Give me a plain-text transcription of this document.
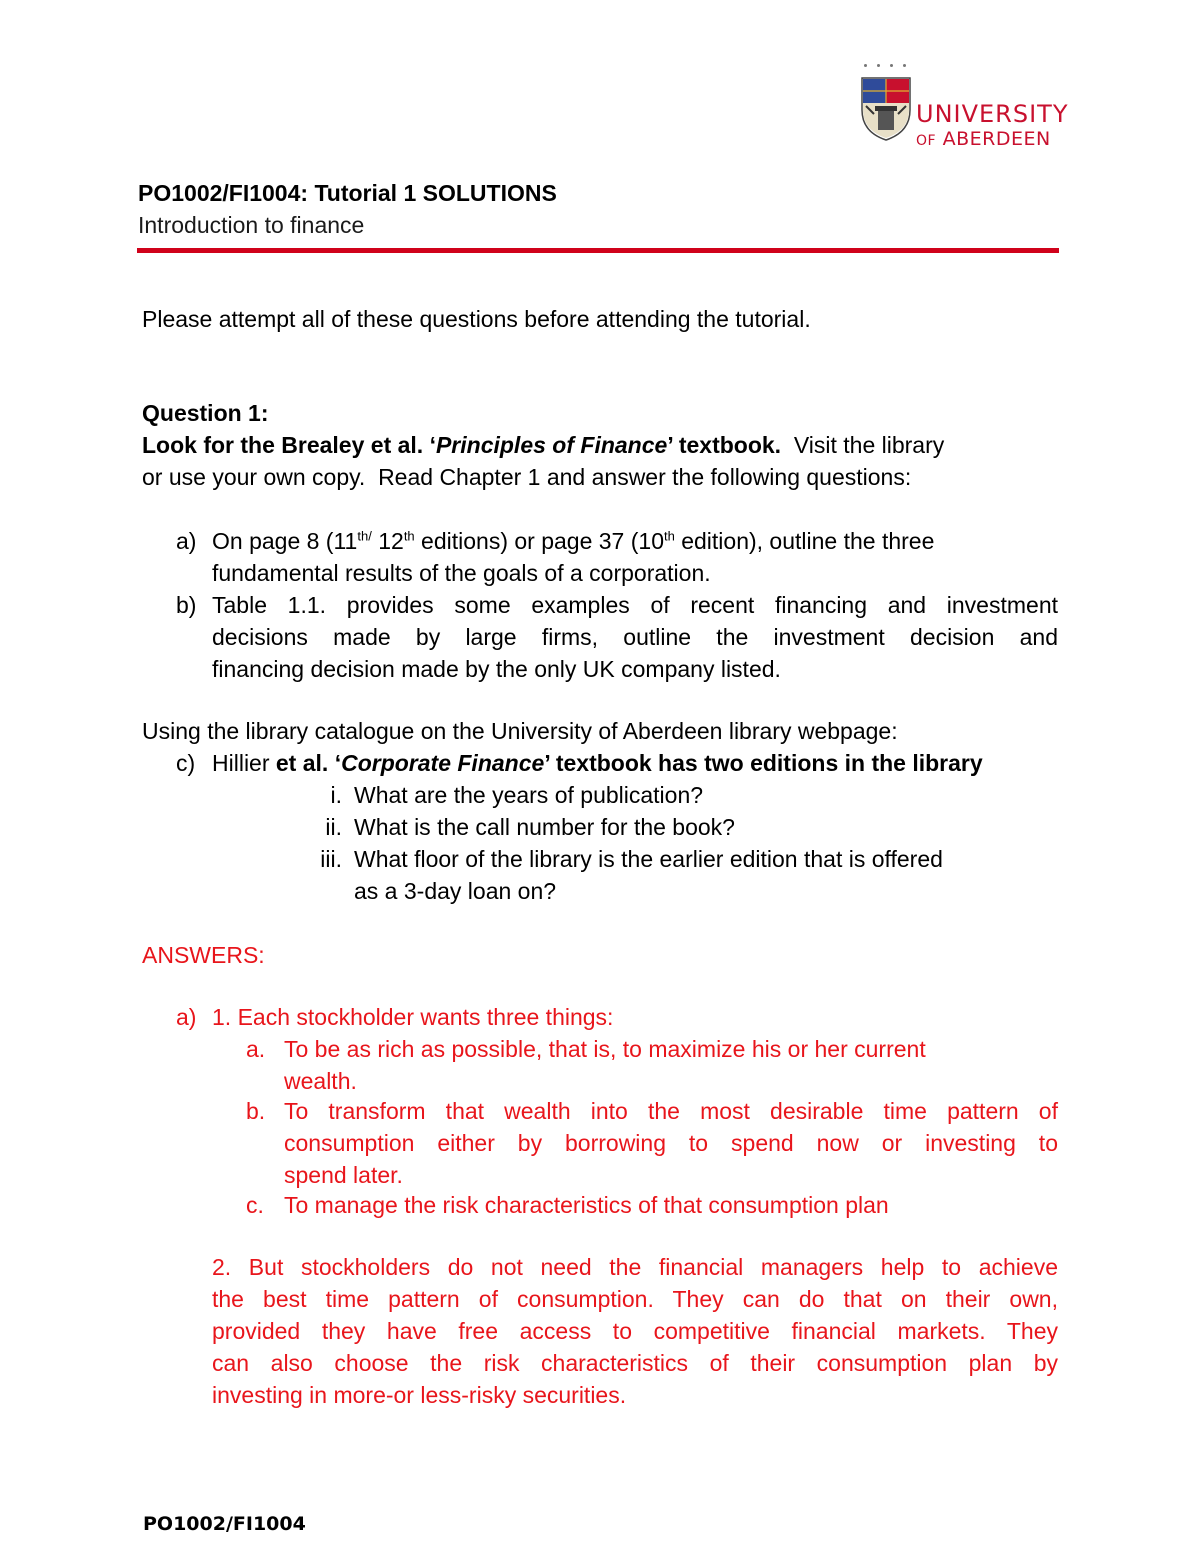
UNIVERSITY
OF ABERDEEN
PO1002/FI1004: Tutorial 1 SOLUTIONS
Introduction to finance
Please attempt all of these questions before attending the tutorial.
Question 1:
Look for the Brealey et al. ‘Principles of Finance’ textbook.  Visit the library
or use your own copy.  Read Chapter 1 and answer the following questions:
a) On page 8 ($11^{th/}$ 12th editions) or page 37 (10th edition), outline the three
fundamental results of the goals of a corporation.
b) Table 1.1. provides some examples of recent financing and investment
decisions made by large firms, outline the investment decision and
financing decision made by the only UK company listed.
Using the library catalogue on the University of Aberdeen library webpage:
c) Hillier et al. ‘Corporate Finance’ textbook has two editions in the library
i. What are the years of publication?
ii. What is the call number for the book?
iii. What floor of the library is the earlier edition that is offered
as a 3-day loan on?
ANSWERS:
a) 1. Each stockholder wants three things:
a. To be as rich as possible, that is, to maximize his or her current
wealth.
b. To transform that wealth into the most desirable time pattern of
consumption either by borrowing to spend now or investing to
spend later.
c. To manage the risk characteristics of that consumption plan
2. But stockholders do not need the financial managers help to achieve
the best time pattern of consumption. They can do that on their own,
provided they have free access to competitive financial markets. They
can also choose the risk characteristics of their consumption plan by
investing in more-or less-risky securities.
PO1002/FI1004
